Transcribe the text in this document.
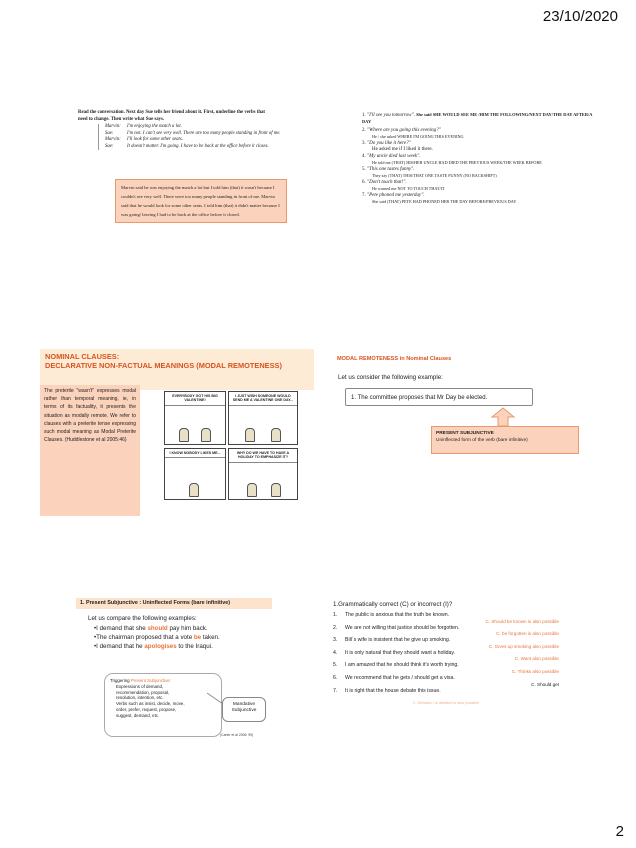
23/10/2020
2
Read the conversation. Next day Sue tells her friend about it. First, underline the verbs that need to change. Then write what Sue says.
Marvin:	I'm enjoying the match a lot.
Sue:	I'm not. I can't see very well. There are too many people standing in front of me.
Marvin:	I'll look for some other seats.
Sue:	It doesn't matter. I'm going. I have to be back at the office before it closes.
Marvin said he was enjoying the match a lot but I told him (that) it wasn't because I couldn't see very well. There were too many people standing in front of me. Marvin said that he would look for some other seats. I told him (that) it didn't matter because I was going/ leaving I had to be back at the office before it closed.
1. "I'll see you tomorrow". She said SHE WOULD SEE ME /HIM THE FOLLOWING/NEXT DAY/THE DAY AFTER/A DAY
2. "Where are you going this evening?"
He / she asked WHERE I'M GOING THIS EVENING
3. "Do you like it here?"
He asked me if I liked it there.
4. "My uncle died last week".
He told me (THAT) HIS/HER UNCLE HAD DIED THE PREVIOUS WEEK/THE WEEK BEFORE
5. "This one tastes funny".
They say (THAT) THIS/THAT ONE TASTE FUNNY (NO BACKSHIFT)
6. "Don't touch that!".
He warned me NOT TO TOUCH THAT/IT
7. "Pete phoned me yesterday".
She said (THAT) PETE HAD PHONED HER THE DAY BEFORE/PREVIOUS DAY
NOMINAL CLAUSES:
DECLARATIVE NON-FACTUAL MEANINGS (MODAL REMOTENESS)
The preterite "wasn't" expresses modal rather than temporal meaning, ie, in terms of its factuality, it presents the situation as modally remote. We refer to clauses with a preterite tense expressing such modal meaning as Modal Preterite Clauses. (Huddlestone et al 2005:46)
EVERYBODY GOT HIS BIG VALENTINE!
I JUST WISH SOMEONE WOULD SEND ME A VALENTINE ONE DAY...
I KNOW NOBODY LIKES ME...	WHY DO WE HAVE TO HAVE A HOLIDAY TO EMPHASIZE IT?
MODAL REMOTENESS in Nominal Clauses
Let us consider the following example:
1. The committee proposes that Mr Day be elected.
PRESENT SUBJUNCTIVE
Uninflected form of the verb (bare infinitive)
1. Present Subjunctive : Uninflected Forms (bare infinitive)
Let us compare the following examples:
•I demand that she should pay him back.
•The chairman proposed that a vote be taken.
•I demand that he apologises to the Iraqui.
Triggering Present Subjunctive:
Expressions of demand,
recommendation, proposal,
resolution, intention, etc.
Verbs such as insist, decide, move,
order, prefer, request, propose,
suggest, demand, etc.
Mandative Subjunctive
(Carter et al 2006: 99)
1.Grammatically correct (C) or incorrect (I)?
1.	The public is anxious that the truth be known.
C. Should be known is also possible
2.	We are not willing that justice should be forgotten.
C. be forgotten is also possible
3.	Bill´s wife is insistent that he give up smoking.
C. Gives up smoking also possible
4.	It is only natural that they should want a holiday.
C. Want also possible
5.	I am amazed that he should think it's worth trying.
C. Thinks also possible
6.	We recommend that he gets / should get a visa.
C. Should get
7.	It is right that the house debate this issue.
C. Debates / is debated is also possible
